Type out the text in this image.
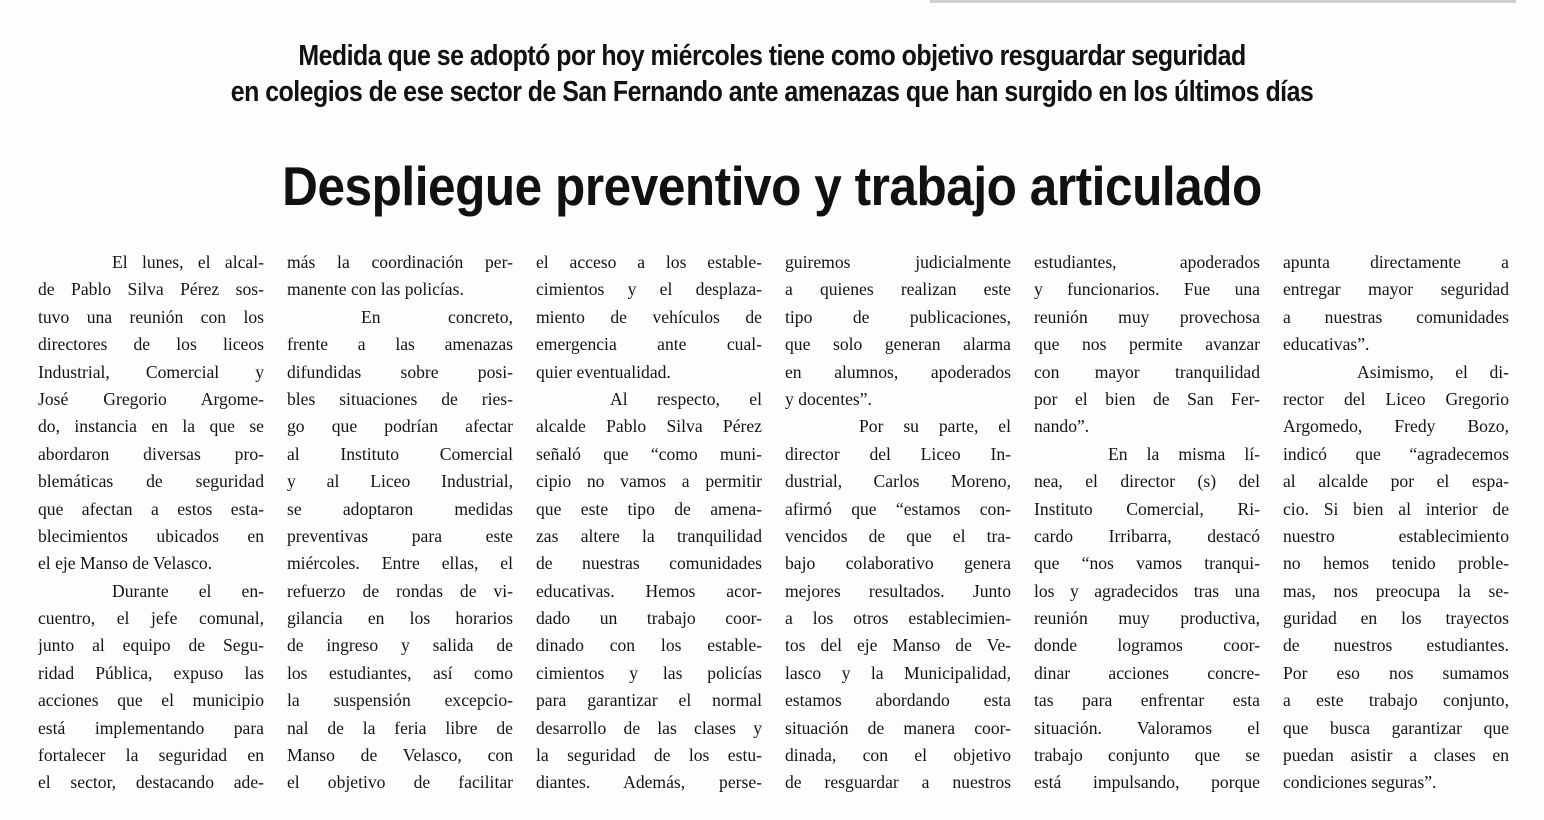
Medida que se adoptó por hoy miércoles tiene como objetivo resguardar seguridad
en colegios de ese sector de San Fernando ante amenazas que han surgido en los últimos días
Despliegue preventivo y trabajo articulado

El lunes, el alcal-

de Pablo Silva Pérez sos-

tuvo una reunión con los

directores de los liceos

Industrial, Comercial y

José Gregorio Argome-

do, instancia en la que se

abordaron diversas pro-

blemáticas de seguridad

que afectan a estos esta-

blecimientos ubicados en

el eje Manso de Velasco.

Durante el en-

cuentro, el jefe comunal,

junto al equipo de Segu-

ridad Pública, expuso las

acciones que el municipio

está implementando para

fortalecer la seguridad en

el sector, destacando ade-

más la coordinación per-

manente con las policías.

En concreto,

frente a las amenazas

difundidas sobre posi-

bles situaciones de ries-

go que podrían afectar

al Instituto Comercial

y al Liceo Industrial,

se adoptaron medidas

preventivas para este

miércoles. Entre ellas, el

refuerzo de rondas de vi-

gilancia en los horarios

de ingreso y salida de

los estudiantes, así como

la suspensión excepcio-

nal de la feria libre de

Manso de Velasco, con

el objetivo de facilitar

el acceso a los estable-

cimientos y el desplaza-

miento de vehículos de

emergencia ante cual-

quier eventualidad.

Al respecto, el

alcalde Pablo Silva Pérez

señaló que “como muni-

cipio no vamos a permitir

que este tipo de amena-

zas altere la tranquilidad

de nuestras comunidades

educativas. Hemos acor-

dado un trabajo coor-

dinado con los estable-

cimientos y las policías

para garantizar el normal

desarrollo de las clases y

la seguridad de los estu-

diantes. Además, perse-

guiremos judicialmente

a quienes realizan este

tipo de publicaciones,

que solo generan alarma

en alumnos, apoderados

y docentes”.

Por su parte, el

director del Liceo In-

dustrial, Carlos Moreno,

afirmó que “estamos con-

vencidos de que el tra-

bajo colaborativo genera

mejores resultados. Junto

a los otros establecimien-

tos del eje Manso de Ve-

lasco y la Municipalidad,

estamos abordando esta

situación de manera coor-

dinada, con el objetivo

de resguardar a nuestros

estudiantes, apoderados

y funcionarios. Fue una

reunión muy provechosa

que nos permite avanzar

con mayor tranquilidad

por el bien de San Fer-

nando”.

En la misma lí-

nea, el director (s) del

Instituto Comercial, Ri-

cardo Irribarra, destacó

que “nos vamos tranqui-

los y agradecidos tras una

reunión muy productiva,

donde logramos coor-

dinar acciones concre-

tas para enfrentar esta

situación. Valoramos el

trabajo conjunto que se

está impulsando, porque

apunta directamente a

entregar mayor seguridad

a nuestras comunidades

educativas”.

Asimismo, el di-

rector del Liceo Gregorio

Argomedo, Fredy Bozo,

indicó que “agradecemos

al alcalde por el espa-

cio. Si bien al interior de

nuestro establecimiento

no hemos tenido proble-

mas, nos preocupa la se-

guridad en los trayectos

de nuestros estudiantes.

Por eso nos sumamos

a este trabajo conjunto,

que busca garantizar que

puedan asistir a clases en

condiciones seguras”.
